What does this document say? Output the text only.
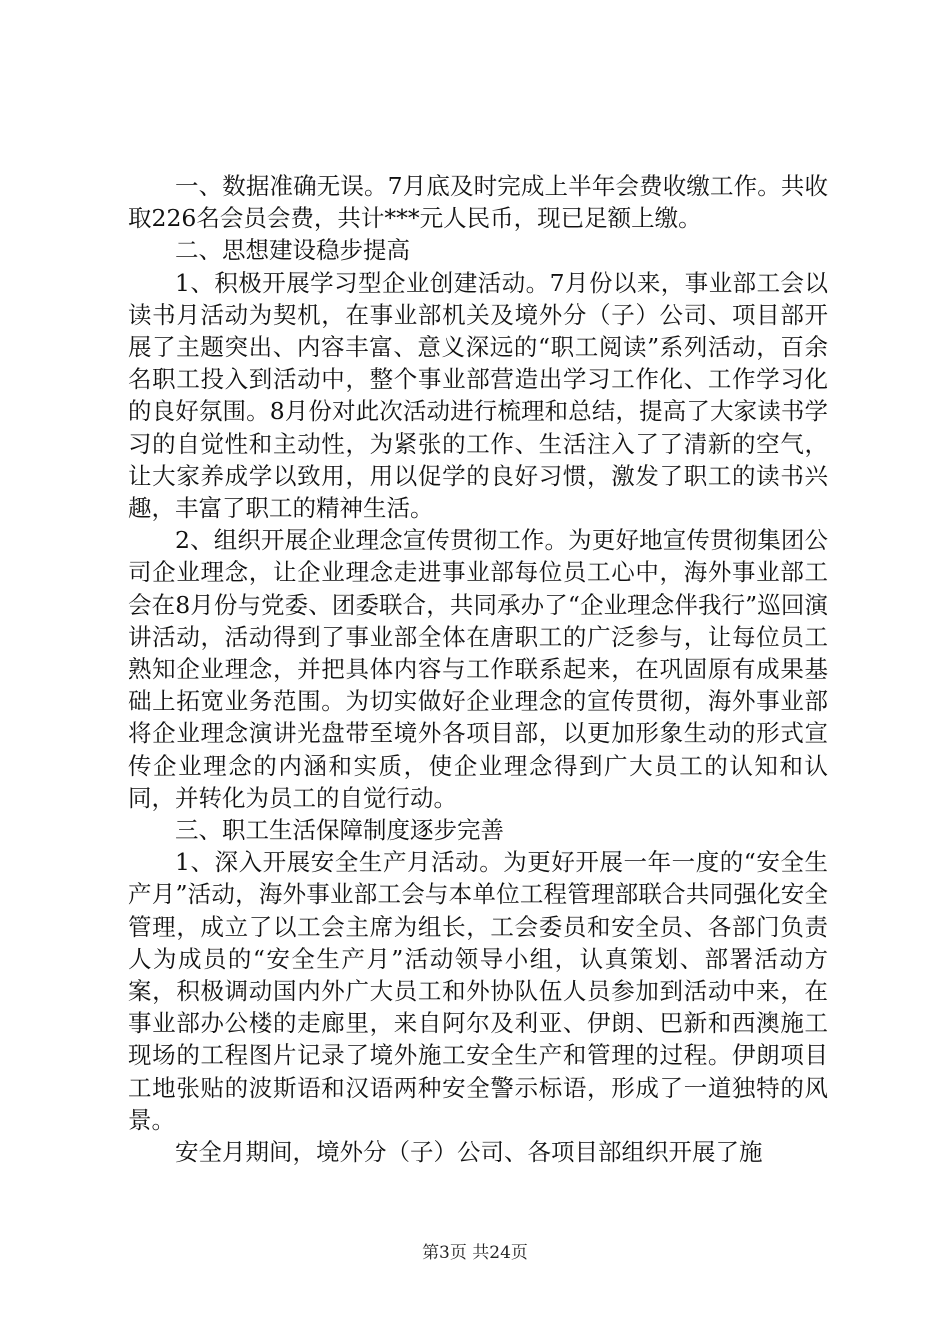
一、数据准确无误。7月底及时完成上半年会费收缴工作。共收取226名会员会费，共计***元人民币，现已足额上缴。

二、思想建设稳步提高

1、积极开展学习型企业创建活动。7月份以来，事业部工会以读书月活动为契机，在事业部机关及境外分（子）公司、项目部开展了主题突出、内容丰富、意义深远的“职工阅读”系列活动，百余名职工投入到活动中，整个事业部营造出学习工作化、工作学习化的良好氛围。8月份对此次活动进行梳理和总结，提高了大家读书学习的自觉性和主动性，为紧张的工作、生活注入了了清新的空气，让大家养成学以致用，用以促学的良好习惯，激发了职工的读书兴趣，丰富了职工的精神生活。

2、组织开展企业理念宣传贯彻工作。为更好地宣传贯彻集团公司企业理念，让企业理念走进事业部每位员工心中，海外事业部工会在8月份与党委、团委联合，共同承办了“企业理念伴我行”巡回演讲活动，活动得到了事业部全体在唐职工的广泛参与，让每位员工熟知企业理念，并把具体内容与工作联系起来，在巩固原有成果基础上拓宽业务范围。为切实做好企业理念的宣传贯彻，海外事业部将企业理念演讲光盘带至境外各项目部，以更加形象生动的形式宣传企业理念的内涵和实质，使企业理念得到广大员工的认知和认同，并转化为员工的自觉行动。

三、职工生活保障制度逐步完善

1、深入开展安全生产月活动。为更好开展一年一度的“安全生产月”活动，海外事业部工会与本单位工程管理部联合共同强化安全管理，成立了以工会主席为组长，工会委员和安全员、各部门负责人为成员的“安全生产月”活动领导小组，认真策划、部署活动方案，积极调动国内外广大员工和外协队伍人员参加到活动中来，在事业部办公楼的走廊里，来自阿尔及利亚、伊朗、巴新和西澳施工现场的工程图片记录了境外施工安全生产和管理的过程。伊朗项目工地张贴的波斯语和汉语两种安全警示标语，形成了一道独特的风景。

安全月期间，境外分（子）公司、各项目部组织开展了施

第3页 共24页
